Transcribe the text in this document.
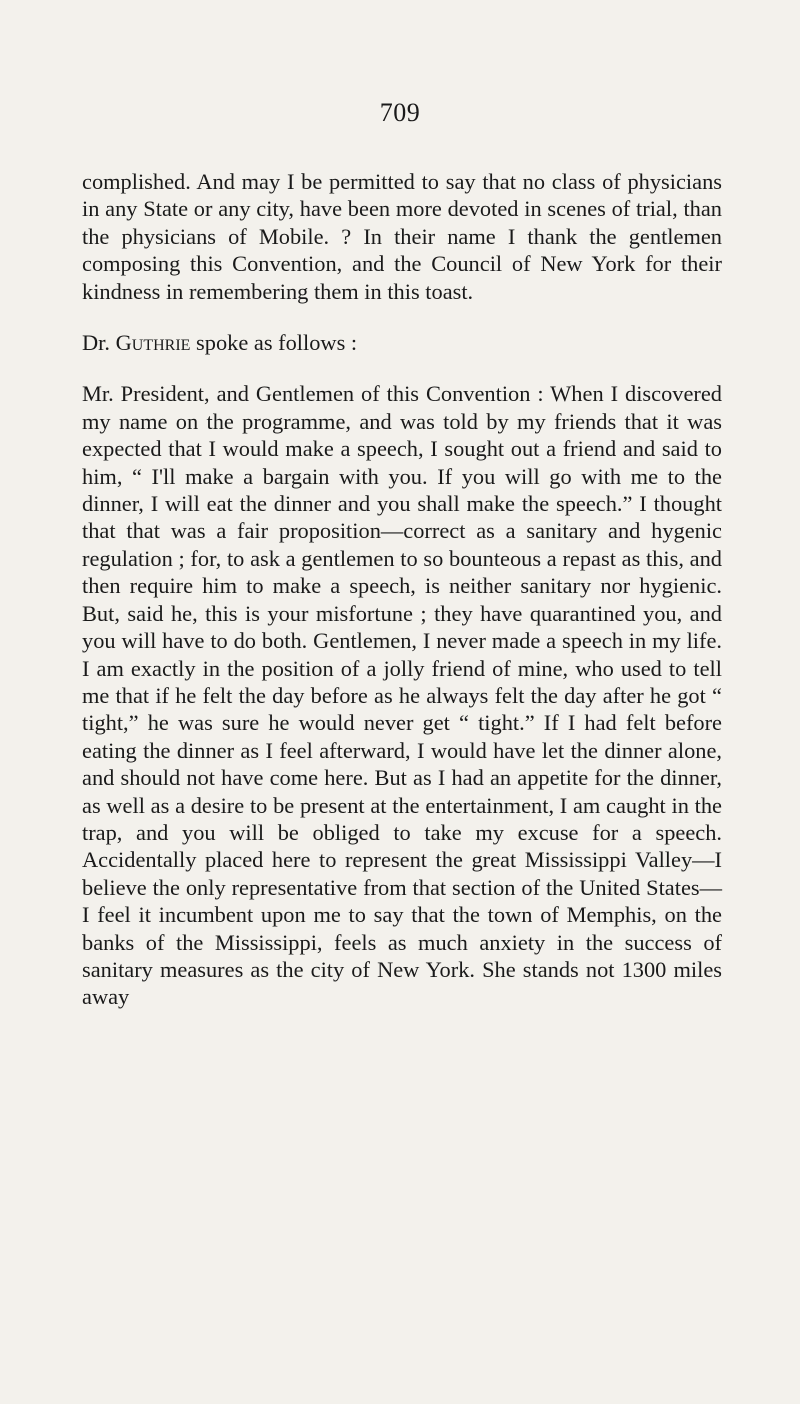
709

complished. And may I be permitted to say that no class of physicians in any State or any city, have been more devoted in scenes of trial, than the physicians of Mobile. ? In their name I thank the gentlemen composing this Convention, and the Council of New York for their kindness in remembering them in this toast.

Dr. Guthrie spoke as follows :

Mr. President, and Gentlemen of this Convention : When I discovered my name on the programme, and was told by my friends that it was expected that I would make a speech, I sought out a friend and said to him, “ I'll make a bargain with you. If you will go with me to the dinner, I will eat the dinner and you shall make the speech.” I thought that that was a fair proposition—correct as a sanitary and hygenic regulation ; for, to ask a gentlemen to so bounteous a repast as this, and then require him to make a speech, is neither sanitary nor hygienic. But, said he, this is your misfortune ; they have quarantined you, and you will have to do both. Gentlemen, I never made a speech in my life. I am exactly in the position of a jolly friend of mine, who used to tell me that if he felt the day before as he always felt the day after he got “ tight,” he was sure he would never get “ tight.” If I had felt before eating the dinner as I feel afterward, I would have let the dinner alone, and should not have come here. But as I had an appetite for the dinner, as well as a desire to be present at the entertainment, I am caught in the trap, and you will be obliged to take my excuse for a speech. Accidentally placed here to represent the great Mississippi Valley—I believe the only representative from that section of the United States—I feel it incumbent upon me to say that the town of Memphis, on the banks of the Mississippi, feels as much anxiety in the success of sanitary measures as the city of New York. She stands not 1300 miles away
